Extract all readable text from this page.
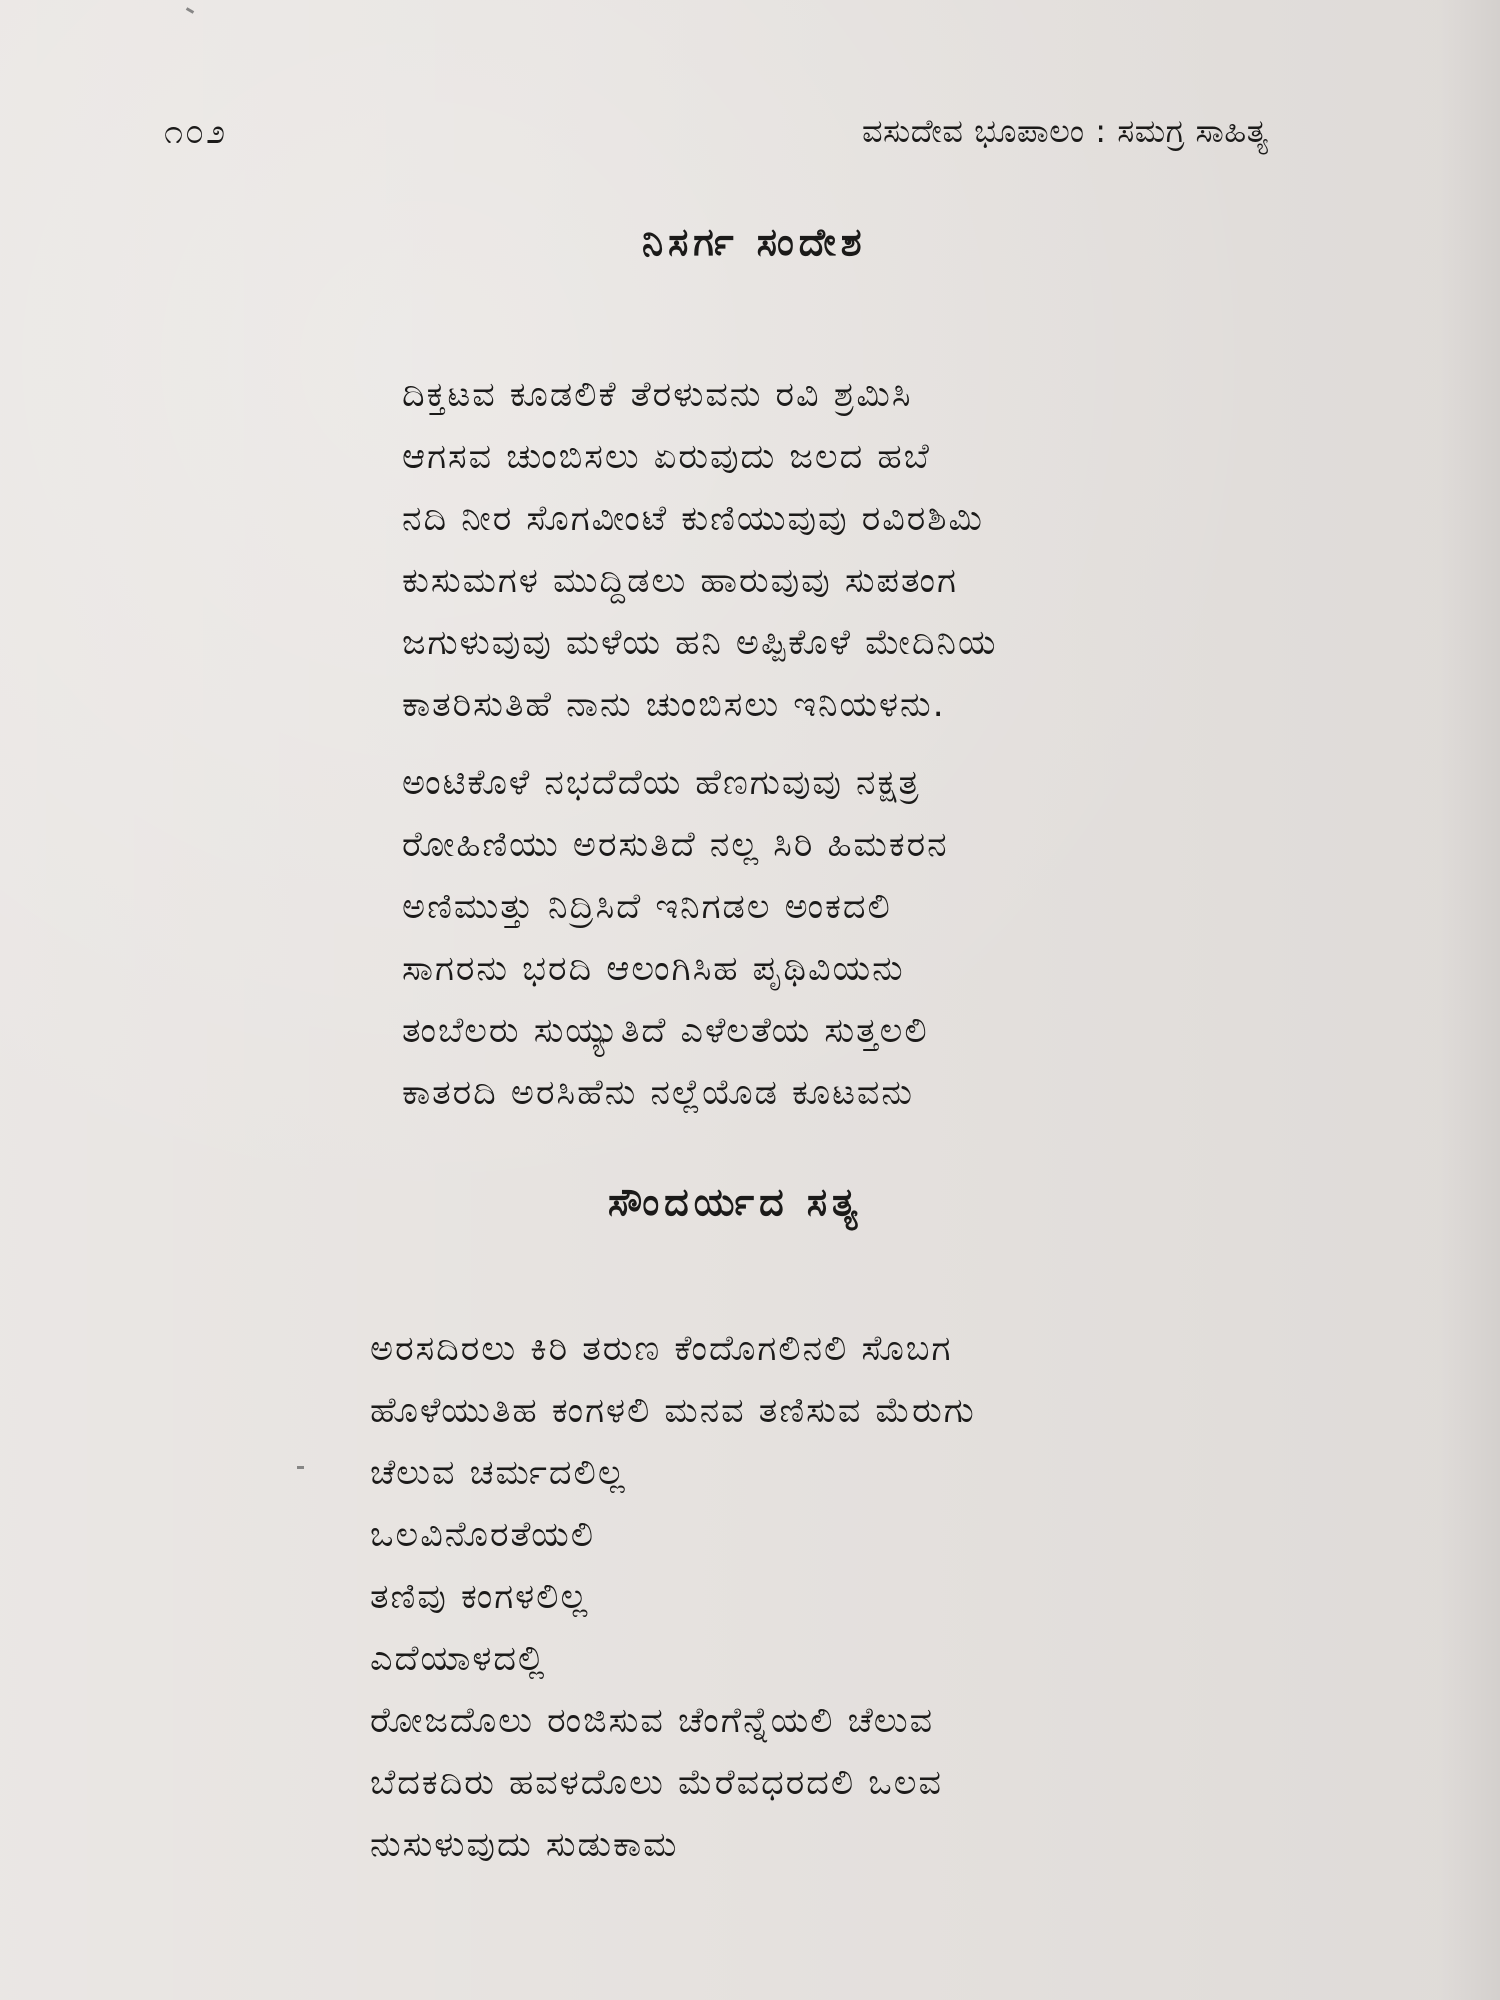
೧೦೨	ವಸುದೇವ ಭೂಪಾಲಂ : ಸಮಗ್ರ ಸಾಹಿತ್ಯ
ನಿಸರ್ಗ ಸಂದೇಶ
ದಿಕ್ತಟವ ಕೂಡಲಿಕೆ ತೆರಳುವನು ರವಿ ಶ್ರಮಿಸಿ
ಆಗಸವ ಚುಂಬಿಸಲು ಏರುವುದು ಜಲದ ಹಬೆ
ನದಿ ನೀರ ಸೊಗವೀಂಟೆ ಕುಣಿಯುವುವು ರವಿರಶಿಮಿ
ಕುಸುಮಗಳ ಮುದ್ದಿಡಲು ಹಾರುವುವು ಸುಪತಂಗ
ಜಗುಳುವುವು ಮಳೆಯ ಹನಿ ಅಪ್ಪಿಕೊಳೆ ಮೇದಿನಿಯ
ಕಾತರಿಸುತಿಹೆ ನಾನು ಚುಂಬಿಸಲು ಇನಿಯಳನು.
ಅಂಟಿಕೊಳೆ ನಭದೆದೆಯ ಹೆಣಗುವುವು ನಕ್ಷತ್ರ
ರೋಹಿಣಿಯು ಅರಸುತಿದೆ ನಲ್ಲ ಸಿರಿ ಹಿಮಕರನ
ಅಣಿಮುತ್ತು ನಿದ್ರಿಸಿದೆ ಇನಿಗಡಲ ಅಂಕದಲಿ
ಸಾಗರನು ಭರದಿ ಆಲಂಗಿಸಿಹ ಪೃಥಿವಿಯನು
ತಂಬೆಲರು ಸುಯ್ಯುತಿದೆ ಎಳೆಲತೆಯ ಸುತ್ತಲಲಿ
ಕಾತರದಿ ಅರಸಿಹೆನು ನಲ್ಲೆಯೊಡ ಕೂಟವನು
ಸೌಂದರ್ಯದ ಸತ್ಯ
ಅರಸದಿರಲು ಕಿರಿ ತರುಣ ಕೆಂದೊಗಲಿನಲಿ ಸೊಬಗ
ಹೊಳೆಯುತಿಹ ಕಂಗಳಲಿ ಮನವ ತಣಿಸುವ ಮೆರುಗು
ಚೆಲುವ ಚರ್ಮದಲಿಲ್ಲ
ಒಲವಿನೊರತೆಯಲಿ
ತಣಿವು ಕಂಗಳಲಿಲ್ಲ
ಎದೆಯಾಳದಲ್ಲಿ
ರೋಜದೊಲು ರಂಜಿಸುವ ಚೆಂಗೆನ್ನೆಯಲಿ ಚೆಲುವ
ಬೆದಕದಿರು ಹವಳದೊಲು ಮೆರೆವಧರದಲಿ ಒಲವ
ನುಸುಳುವುದು ಸುಡುಕಾಮ
